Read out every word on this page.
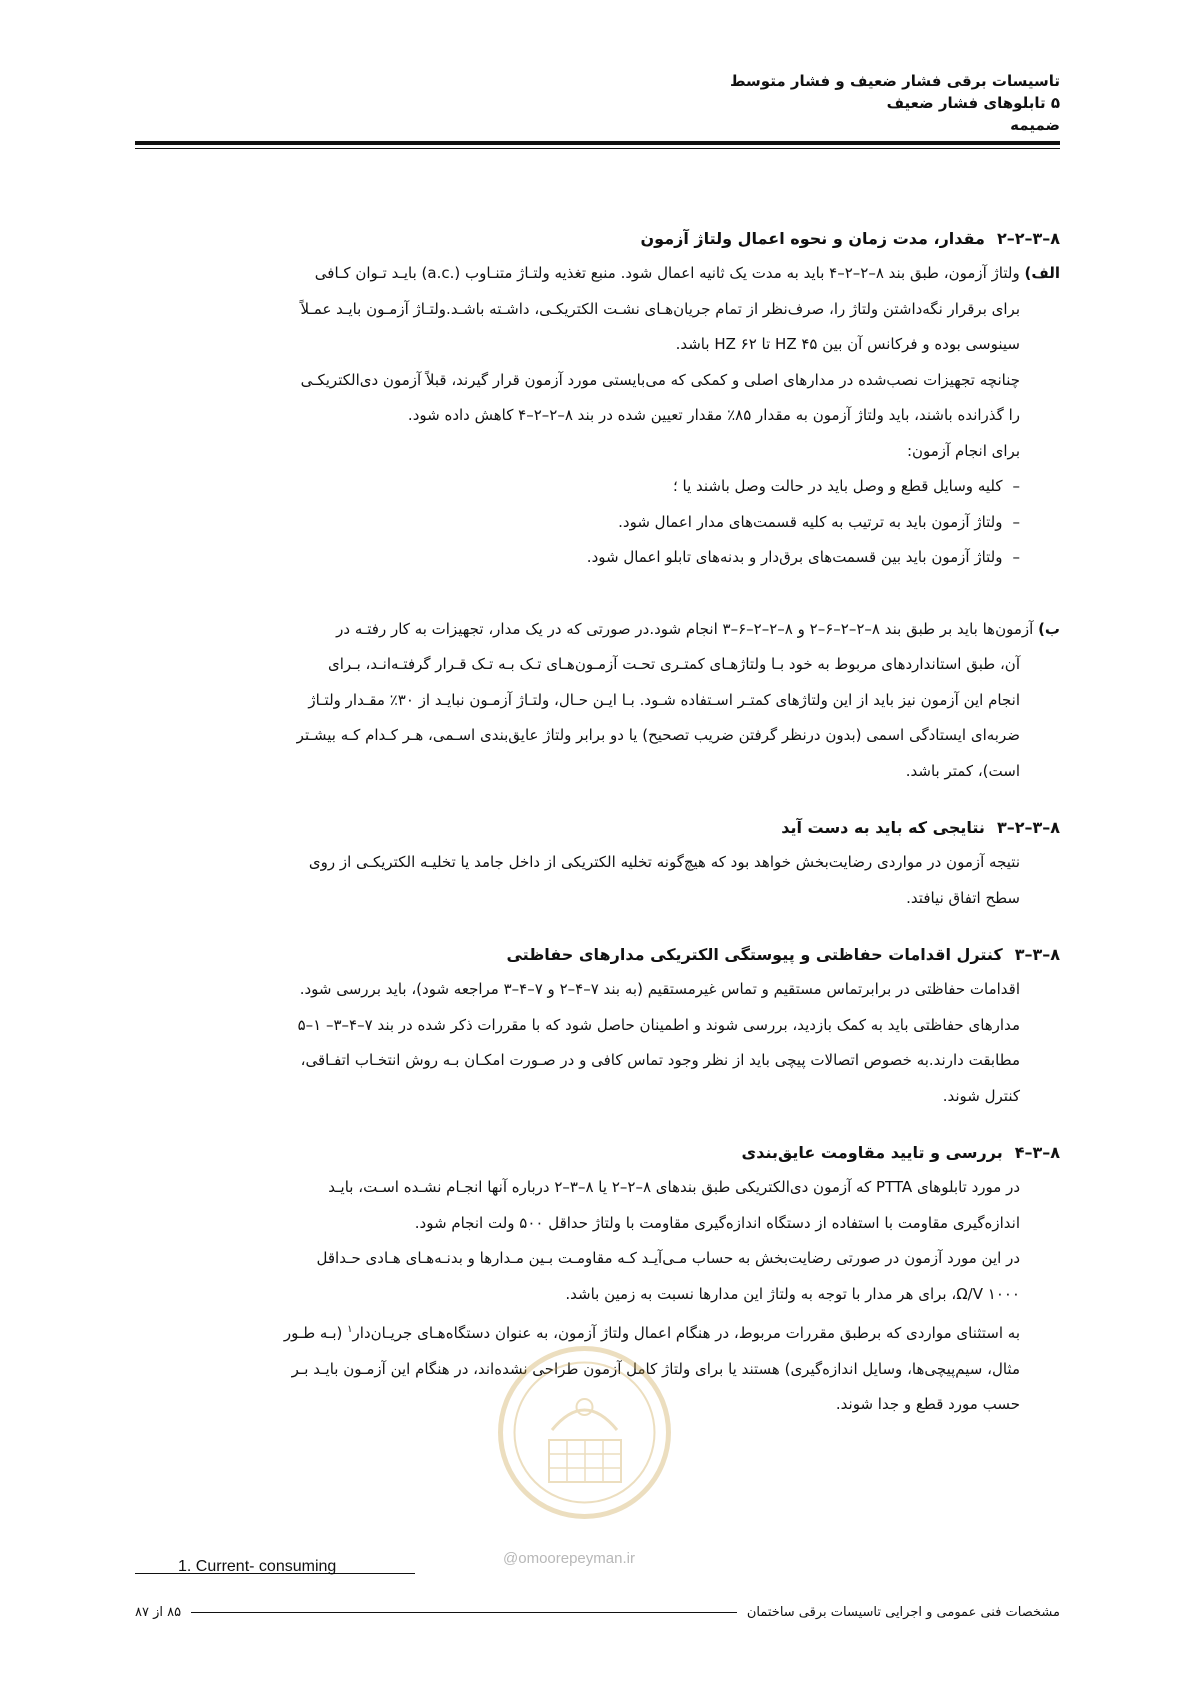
تاسیسات برقی فشار ضعیف و فشار متوسط
۵ تابلوهای فشار ضعیف
ضمیمه
۸–۳–۲–۲
مقدار، مدت زمان و نحوه اعمال ولتاژ آزمون
الف) ولتاژ آزمون، طبق بند ۸–۲–۲–۴ باید به مدت یک ثانیه اعمال شود. منبع تغذیه ولتـاژ متنـاوب (.a.c) بایـد تـوان کـافی
برای برقرار نگه‌داشتن ولتاژ را، صرف‌نظر از تمام جریان‌هـای نشـت الکتریکـی، داشـته باشـد.ولتـاژ آزمـون بایـد عمـلاً
سینوسی بوده و فرکانس آن بین HZ ۴۵ تا HZ ۶۲ باشد.
چنانچه تجهیزات نصب‌شده در مدارهای اصلی و کمکی که می‌بایستی مورد آزمون قرار گیرند، قبلاً آزمون دی‌الکتریکـی
را گذرانده باشند، باید ولتاژ آزمون به مقدار ۸۵٪ مقدار تعیین شده در بند ۸–۲–۲–۴ کاهش داده شود.
برای انجام آزمون:
–
کلیه وسایل قطع و وصل باید در حالت وصل باشند یا ؛
–
ولتاژ آزمون باید به ترتیب به کلیه قسمت‌های مدار اعمال شود.
–
ولتاژ آزمون باید بین قسمت‌های برق‌دار و بدنه‌های تابلو اعمال شود.
ب) آزمون‌ها باید بر طبق بند ۸–۲–۲–۶–۲ و ۸–۲–۲–۶–۳ انجام شود.در صورتی که در یک مدار، تجهیزات به کار رفتـه در
آن، طبق استانداردهای مربوط به خود بـا ولتاژهـای کمتـری تحـت آزمـون‌هـای تـک بـه تـک قـرار گرفتـه‌انـد، بـرای
انجام این آزمون نیز باید از این ولتاژهای کمتـر اسـتفاده شـود. بـا ایـن حـال، ولتـاژ آزمـون نبایـد از ۳۰٪ مقـدار ولتـاژ
ضربه‌ای ایستادگی اسمی (بدون درنظر گرفتن ضریب تصحیح) یا دو برابر ولتاژ عایق‌بندی اسـمی، هـر کـدام کـه بیشـتر
است)، کمتر باشد.
۸–۳–۲–۳
نتایجی که باید به دست آید
نتیجه آزمون در مواردی رضایت‌بخش خواهد بود که هیچ‌گونه تخلیه الکتریکی از داخل جامد یا تخلیـه الکتریکـی از روی
سطح اتفاق نیافتد.
۸–۳–۳
کنترل اقدامات حفاظتی و پیوستگی الکتریکی مدارهای حفاظتی
اقدامات حفاظتی در برابرتماس مستقیم و تماس غیرمستقیم (به بند ۷–۴–۲ و ۷–۴–۳ مراجعه شود)، باید بررسی شود.
مدارهای حفاظتی باید به کمک بازدید، بررسی شوند و اطمینان حاصل شود که با مقررات ذکر شده در بند ۷–۴–۳– ۱–۵
مطابقت دارند.به خصوص اتصالات پیچی باید از نظر وجود تماس کافی و در صـورت امکـان بـه روش انتخـاب اتفـاقی،
کنترل شوند.
۸–۳–۴
بررسی و تایید مقاومت عایق‌بندی
در مورد تابلوهای PTTA که آزمون دی‌الکتریکی طبق بندهای ۸–۲–۲ یا ۸–۳–۲ درباره آنها انجـام نشـده اسـت، بایـد
اندازه‌گیری مقاومت با استفاده از دستگاه اندازه‌گیری مقاومت با ولتاژ حداقل ۵۰۰ ولت انجام شود.
در این مورد آزمون در صورتی رضایت‌بخش به حساب مـی‌آیـد کـه مقاومـت بـین مـدارها و بدنـه‌هـای هـادی حـداقل
Ω/V ۱۰۰۰، برای هر مدار با توجه به ولتاژ این مدارها نسبت به زمین باشد.
به استثنای مواردی که برطبق مقررات مربوط، در هنگام اعمال ولتاژ آزمون، به عنوان دستگاه‌هـای جریـان‌دار$^۱$ (بـه طـور
مثال، سیم‌پیچی‌ها، وسایل اندازه‌گیری) هستند یا برای ولتاژ کامل آزمون طراحی نشده‌اند، در هنگام این آزمـون بایـد بـر
حسب مورد قطع و جدا شوند.
@omoorepeyman.ir
1. Current- consuming
مشخصات فنی عمومی و اجرایی تاسیسات برقی ساختمان
۸۵ از ۸۷
